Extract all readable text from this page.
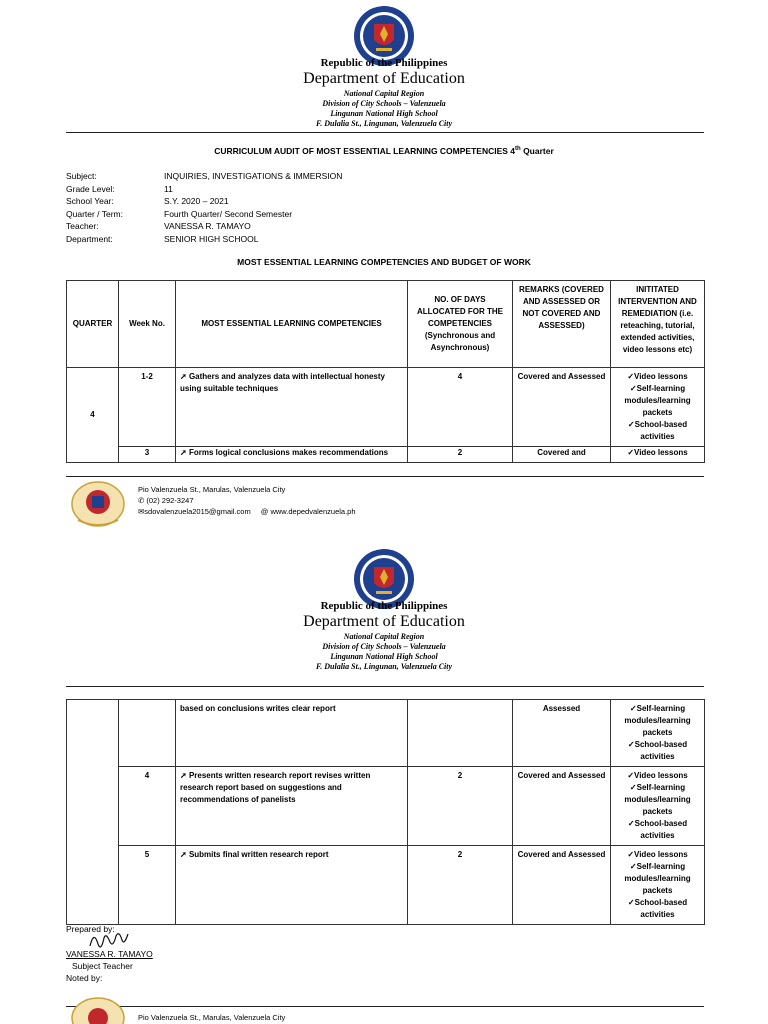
Republic of the Philippines
Department of Education
National Capital Region
Division of City Schools – Valenzuela
Lingunan National High School
F. Dulalia St., Lingunan, Valenzuela City
CURRICULUM AUDIT OF MOST ESSENTIAL LEARNING COMPETENCIES 4th Quarter
Subject:	INQUIRIES, INVESTIGATIONS & IMMERSION
Grade Level:	11
School Year:	S.Y. 2020 – 2021
Quarter / Term:	Fourth Quarter/ Second Semester
Teacher:	VANESSA R. TAMAYO
Department:	SENIOR HIGH SCHOOL
MOST ESSENTIAL LEARNING COMPETENCIES AND BUDGET OF WORK
QUARTER	Week No.	MOST ESSENTIAL LEARNING COMPETENCIES	NO. OF DAYS ALLOCATED FOR THE COMPETENCIES (Synchronous and Asynchronous)	REMARKS (COVERED AND ASSESSED OR NOT COVERED AND ASSESSED)	INITITATED INTERVENTION AND REMEDIATION (i.e. reteaching, tutorial, extended activities, video lessons etc)
4	1-2	➚ Gathers and analyzes data with intellectual honesty using suitable techniques	4	Covered and Assessed	✓Video lessons
✓Self-learning modules/learning packets
✓School-based activities

	3	➚ Forms logical conclusions makes recommendations	2	Covered and	✓Video lessons
Pio Valenzuela St., Marulas, Valenzuela City
✆ (02) 292-3247
✉sdovalenzuela2015@gmail.com @ www.depedvalenzuela.ph
Republic of the Philippines
Department of Education
National Capital Region
Division of City Schools – Valenzuela
Lingunan National High School
F. Dulalia St., Lingunan, Valenzuela City
		based on conclusions writes clear report		Assessed	✓Self-learning modules/learning packets
✓School-based activities

	4	➚ Presents written research report revises written research report based on suggestions and recommendations of panelists	2	Covered and Assessed	✓Video lessons
✓Self-learning modules/learning packets
✓School-based activities

	5	➚ Submits final written research report	2	Covered and Assessed	✓Video lessons
✓Self-learning modules/learning packets
✓School-based activities
Prepared by:
VANESSA R. TAMAYO
Subject Teacher
Noted by:
Pio Valenzuela St., Marulas, Valenzuela City
